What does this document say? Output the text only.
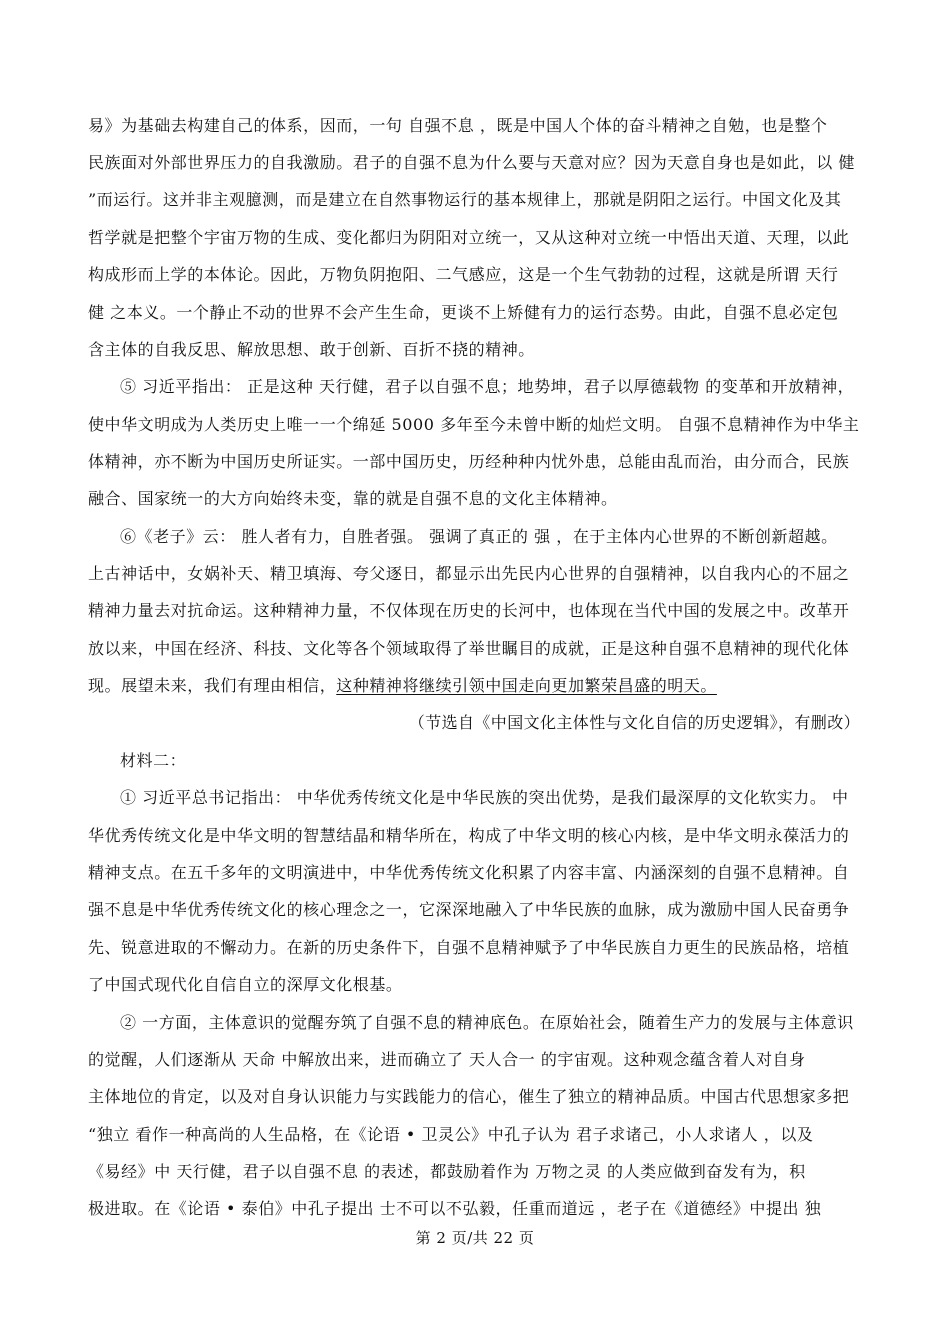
易》为基础去构建自己的体系，因而，一句 自强不息 ，既是中国人个体的奋斗精神之自勉，也是整个
民族面对外部世界压力的自我激励。君子的自强不息为什么要与天意对应？因为天意自身也是如此，以 健
”而运行。这并非主观臆测，而是建立在自然事物运行的基本规律上，那就是阴阳之运行。中国文化及其
哲学就是把整个宇宙万物的生成、变化都归为阴阳对立统一，又从这种对立统一中悟出天道、天理，以此
构成形而上学的本体论。因此，万物负阴抱阳、二气感应，这是一个生气勃勃的过程，这就是所谓 天行
健 之本义。一个静止不动的世界不会产生生命，更谈不上矫健有力的运行态势。由此，自强不息必定包
含主体的自我反思、解放思想、敢于创新、百折不挠的精神。
⑤ 习近平指出： 正是这种 天行健，君子以自强不息；地势坤，君子以厚德载物 的变革和开放精神，
使中华文明成为人类历史上唯一一个绵延 5000 多年至今未曾中断的灿烂文明。 自强不息精神作为中华主
体精神，亦不断为中国历史所证实。一部中国历史，历经种种内忧外患，总能由乱而治，由分而合，民族
融合、国家统一的大方向始终未变，靠的就是自强不息的文化主体精神。
⑥《老子》云： 胜人者有力，自胜者强。 强调了真正的 强 ，在于主体内心世界的不断创新超越。
上古神话中，女娲补天、精卫填海、夸父逐日，都显示出先民内心世界的自强精神，以自我内心的不屈之
精神力量去对抗命运。这种精神力量，不仅体现在历史的长河中，也体现在当代中国的发展之中。改革开
放以来，中国在经济、科技、文化等各个领域取得了举世瞩目的成就，正是这种自强不息精神的现代化体
现。展望未来，我们有理由相信，这种精神将继续引领中国走向更加繁荣昌盛的明天。
（节选自《中国文化主体性与文化自信的历史逻辑》，有删改）
材料二：
① 习近平总书记指出： 中华优秀传统文化是中华民族的突出优势，是我们最深厚的文化软实力。 中
华优秀传统文化是中华文明的智慧结晶和精华所在，构成了中华文明的核心内核，是中华文明永葆活力的
精神支点。在五千多年的文明演进中，中华优秀传统文化积累了内容丰富、内涵深刻的自强不息精神。自
强不息是中华优秀传统文化的核心理念之一，它深深地融入了中华民族的血脉，成为激励中国人民奋勇争
先、锐意进取的不懈动力。在新的历史条件下，自强不息精神赋予了中华民族自力更生的民族品格，培植
了中国式现代化自信自立的深厚文化根基。
② 一方面，主体意识的觉醒夯筑了自强不息的精神底色。在原始社会，随着生产力的发展与主体意识
的觉醒，人们逐渐从 天命 中解放出来，进而确立了 天人合一 的宇宙观。这种观念蕴含着人对自身
主体地位的肯定，以及对自身认识能力与实践能力的信心，催生了独立的精神品质。中国古代思想家多把
“独立 看作一种高尚的人生品格，在《论语 • 卫灵公》中孔子认为 君子求诸己，小人求诸人 ，以及
《易经》中 天行健，君子以自强不息 的表述，都鼓励着作为 万物之灵 的人类应做到奋发有为，积
极进取。在《论语 • 泰伯》中孔子提出 士不可以不弘毅，任重而道远 ，老子在《道德经》中提出 独
第 2 页/共 22 页
